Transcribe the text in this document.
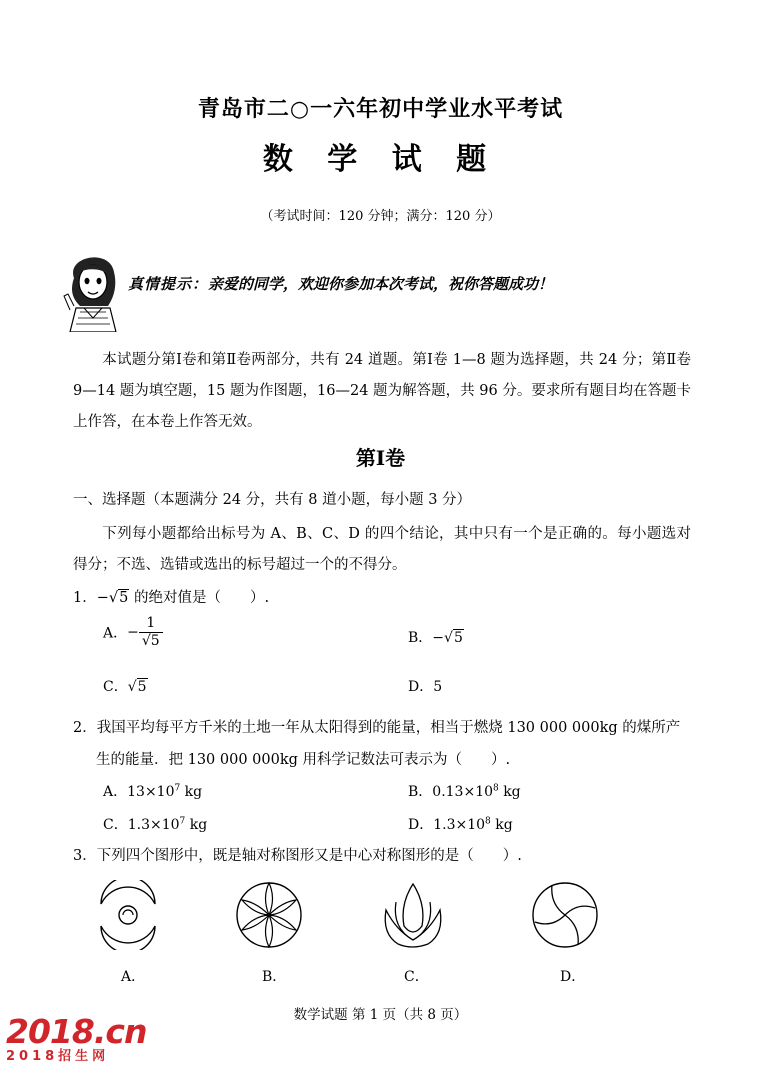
青岛市二○一六年初中学业水平考试
数 学 试 题
（考试时间：120 分钟；满分：120 分）
真情提示：亲爱的同学，欢迎你参加本次考试，祝你答题成功！
本试题分第Ⅰ卷和第Ⅱ卷两部分，共有 24 道题。第Ⅰ卷 1—8 题为选择题，共 24 分；第Ⅱ卷 9—14 题为填空题，15 题为作图题，16—24 题为解答题，共 96 分。要求所有题目均在答题卡上作答，在本卷上作答无效。
第Ⅰ卷
一、选择题（本题满分 24 分，共有 8 道小题，每小题 3 分）
下列每小题都给出标号为 A、B、C、D 的四个结论，其中只有一个是正确的。每小题选对得分；不选、选错或选出的标号超过一个的不得分。
1．−√5 的绝对值是（　　）.
A．− $\frac{1}{√5}$	B．−√5
C．√5	D．5
2．我国平均每平方千米的土地一年从太阳得到的能量，相当于燃烧 130 000 000kg 的煤所产
生的能量．把 130 000 000kg 用科学记数法可表示为（　　）.
A．$13\times 10^7$ kg	B．$0.13\times 10^8$ kg
C．$1.3\times 10^7$ kg	D．$1.3\times 10^8$ kg
3．下列四个图形中，既是轴对称图形又是中心对称图形的是（　　）.
A．	B．	C．	D．
数学试题 第 1 页（共 8 页）
2018.cn
2018招生网
